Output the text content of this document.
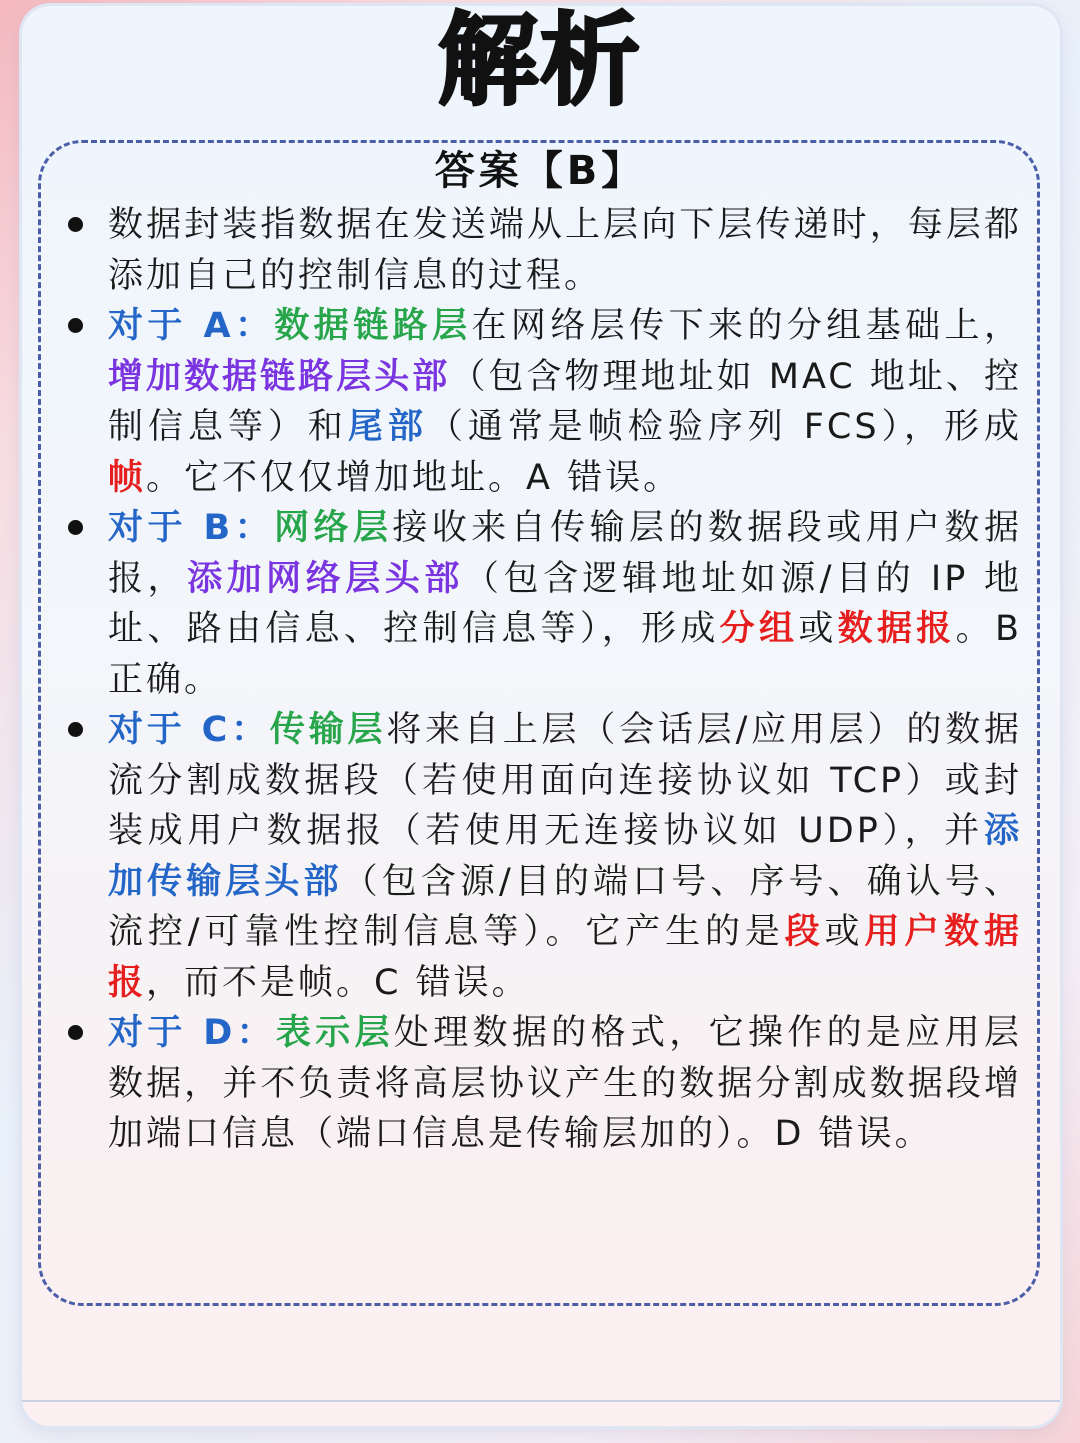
解析
答案【B】
数据封装指数据在发送端从上层向下层传递时，每层都添加自己的控制信息的过程。
对于 A：数据链路层在网络层传下来的分组基础上，增加数据链路层头部（包含物理地址如 MAC 地址、控制信息等）和尾部（通常是帧检验序列 FCS），形成帧。它不仅仅增加地址。A 错误。
对于 B：网络层接收来自传输层的数据段或用户数据报，添加网络层头部（包含逻辑地址如源/目的 IP 地址、路由信息、控制信息等），形成分组或数据报。B 正确。
对于 C：传输层将来自上层（会话层/应用层）的数据流分割成数据段（若使用面向连接协议如 TCP）或封装成用户数据报（若使用无连接协议如 UDP），并添加传输层头部（包含源/目的端口号、序号、确认号、流控/可靠性控制信息等）。它产生的是段或用户数据报，而不是帧。C 错误。
对于 D：表示层处理数据的格式，它操作的是应用层数据，并不负责将高层协议产生的数据分割成数据段增加端口信息（端口信息是传输层加的）。D 错误。
